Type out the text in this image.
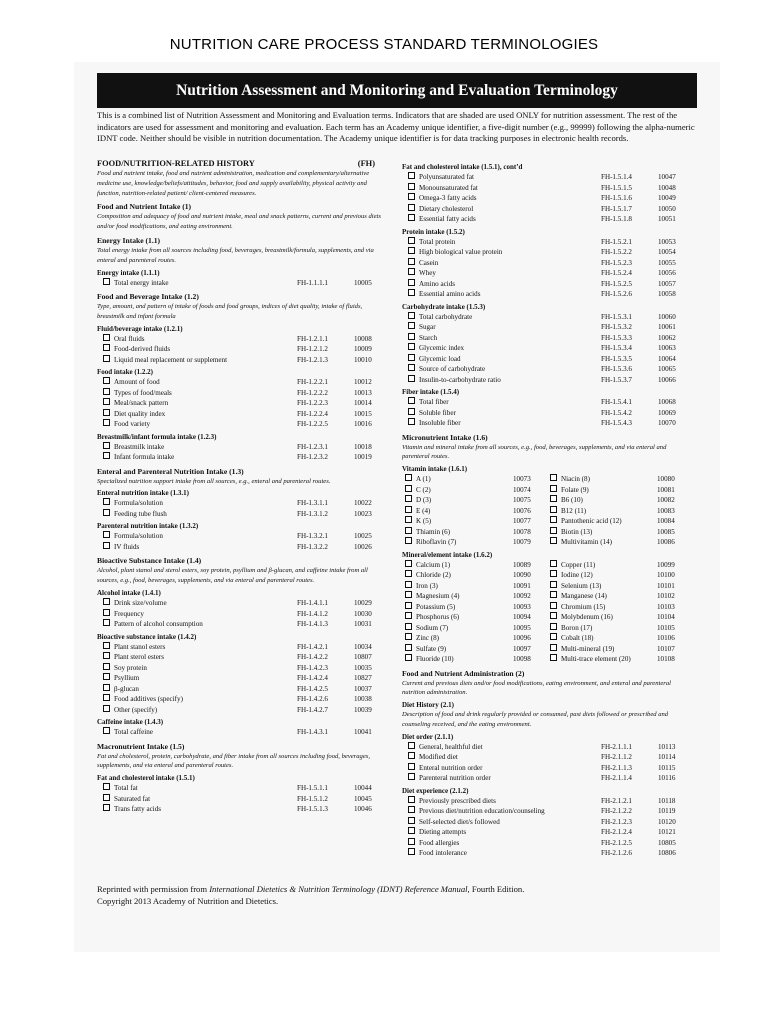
NUTRITION CARE PROCESS STANDARD TERMINOLOGIES
Nutrition Assessment and Monitoring and Evaluation Terminology
This is a combined list of Nutrition Assessment and Monitoring and Evaluation terms. Indicators that are shaded are used ONLY for nutrition assessment. The rest of the indicators are used for assessment and monitoring and evaluation. Each term has an Academy unique identifier, a five-digit number (e.g., 99999) following the alpha-numeric IDNT code. Neither should be visible in nutrition documentation. The Academy unique identifier is for data tracking purposes in electronic health records.
FOOD/NUTRITION-RELATED HISTORY	(FH)
Food and nutrient intake, food and nutrient administration, medication and complementary/alternative medicine use, knowledge/beliefs/attitudes, behavior, food and supply availability, physical activity and function, nutrition-related patient/ client-centered measures.
Food and Nutrient Intake (1)
Composition and adequacy of food and nutrient intake, meal and snack patterns, current and previous diets and/or food modifications, and eating environment.
Energy Intake (1.1)
Total energy intake from all sources including food, beverages, breastmilk/formula, supplements, and via enteral and parenteral routes.
Energy intake (1.1.1)
Total energy intake	FH-1.1.1.1	10005
Food and Beverage Intake (1.2)
Type, amount, and pattern of intake of foods and food groups, indices of diet quality, intake of fluids, breastmilk and infant formula
Fluid/beverage intake (1.2.1)
Oral fluids	FH-1.2.1.1	10008
Food-derived fluids	FH-1.2.1.2	10009
Liquid meal replacement or supplement	FH-1.2.1.3	10010
Food intake (1.2.2)
Amount of food	FH-1.2.2.1	10012
Types of food/meals	FH-1.2.2.2	10013
Meal/snack pattern	FH-1.2.2.3	10014
Diet quality index	FH-1.2.2.4	10015
Food variety	FH-1.2.2.5	10016
Breastmilk/infant formula intake (1.2.3)
Breastmilk intake	FH-1.2.3.1	10018
Infant formula intake	FH-1.2.3.2	10019
Enteral and Parenteral Nutrition Intake (1.3)
Specialized nutrition support intake from all sources, e.g., enteral and parenteral routes.
Enteral nutrition intake (1.3.1)
Formula/solution	FH-1.3.1.1	10022
Feeding tube flush	FH-1.3.1.2	10023
Parenteral nutrition intake (1.3.2)
Formula/solution	FH-1.3.2.1	10025
IV fluids	FH-1.3.2.2	10026
Bioactive Substance Intake (1.4)
Alcohol, plant stanol and sterol esters, soy protein, psyllium and β-glucan, and caffeine intake from all sources, e.g., food, beverages, supplements, and via enteral and parenteral routes.
Alcohol intake (1.4.1)
Drink size/volume	FH-1.4.1.1	10029
Frequency	FH-1.4.1.2	10030
Pattern of alcohol consumption	FH-1.4.1.3	10031
Bioactive substance intake (1.4.2)
Plant stanol esters	FH-1.4.2.1	10034
Plant sterol esters	FH-1.4.2.2	10807
Soy protein	FH-1.4.2.3	10035
Psyllium	FH-1.4.2.4	10827
β-glucan	FH-1.4.2.5	10037
Food additives (specify)	FH-1.4.2.6	10038
Other (specify)	FH-1.4.2.7	10039
Caffeine intake (1.4.3)
Total caffeine	FH-1.4.3.1	10041
Macronutrient Intake (1.5)
Fat and cholesterol, protein, carbohydrate, and fiber intake from all sources including food, beverages, supplements, and via enteral and parenteral routes.
Fat and cholesterol intake (1.5.1)
Total fat	FH-1.5.1.1	10044
Saturated fat	FH-1.5.1.2	10045
Trans fatty acids	FH-1.5.1.3	10046
Fat and cholesterol intake (1.5.1), cont’d
Polyunsaturated fat	FH-1.5.1.4	10047
Monounsaturated fat	FH-1.5.1.5	10048
Omega-3 fatty acids	FH-1.5.1.6	10049
Dietary cholesterol	FH-1.5.1.7	10050
Essential fatty acids	FH-1.5.1.8	10051
Protein intake (1.5.2)
Total protein	FH-1.5.2.1	10053
High biological value protein	FH-1.5.2.2	10054
Casein	FH-1.5.2.3	10055
Whey	FH-1.5.2.4	10056
Amino acids	FH-1.5.2.5	10057
Essential amino acids	FH-1.5.2.6	10058
Carbohydrate intake (1.5.3)
Total carbohydrate	FH-1.5.3.1	10060
Sugar	FH-1.5.3.2	10061
Starch	FH-1.5.3.3	10062
Glycemic index	FH-1.5.3.4	10063
Glycemic load	FH-1.5.3.5	10064
Source of carbohydrate	FH-1.5.3.6	10065
Insulin-to-carbohydrate ratio	FH-1.5.3.7	10066
Fiber intake (1.5.4)
Total fiber	FH-1.5.4.1	10068
Soluble fiber	FH-1.5.4.2	10069
Insoluble fiber	FH-1.5.4.3	10070
Micronutrient Intake (1.6)
Vitamin and mineral intake from all sources, e.g., food, beverages, supplements, and via enteral and parenteral routes.
Vitamin intake (1.6.1)
A (1)	10073	Niacin (8)	10080
C (2)	10074	Folate (9)	10081
D (3)	10075	B6 (10)	10082
E (4)	10076	B12 (11)	10083
K (5)	10077	Pantothenic acid (12)	10084
Thiamin (6)	10078	Biotin (13)	10085
Riboflavin (7)	10079	Multivitamin (14)	10086
Mineral/element intake (1.6.2)
Calcium (1)	10089	Copper (11)	10099
Chloride (2)	10090	Iodine (12)	10100
Iron (3)	10091	Selenium (13)	10101
Magnesium (4)	10092	Manganese (14)	10102
Potassium (5)	10093	Chromium (15)	10103
Phosphorus (6)	10094	Molybdenum (16)	10104
Sodium (7)	10095	Boron (17)	10105
Zinc (8)	10096	Cobalt (18)	10106
Sulfate (9)	10097	Multi-mineral (19)	10107
Fluoride (10)	10098	Multi-trace element (20)	10108
Food and Nutrient Administration (2)
Current and previous diets and/or food modifications, eating environment, and enteral and parenteral nutrition administration.
Diet History (2.1)
Description of food and drink regularly provided or consumed, past diets followed or prescribed and counseling received, and the eating environment.
Diet order (2.1.1)
General, healthful diet	FH-2.1.1.1	10113
Modified diet	FH-2.1.1.2	10114
Enteral nutrition order	FH-2.1.1.3	10115
Parenteral nutrition order	FH-2.1.1.4	10116
Diet experience (2.1.2)
Previously prescribed diets	FH-2.1.2.1	10118
Previous diet/nutrition education/counseling	FH-2.1.2.2	10119
Self-selected diet/s followed	FH-2.1.2.3	10120
Dieting attempts	FH-2.1.2.4	10121
Food allergies	FH-2.1.2.5	10805
Food intolerance	FH-2.1.2.6	10806
Reprinted with permission from International Dietetics & Nutrition Terminology (IDNT) Reference Manual, Fourth Edition.
Copyright 2013 Academy of Nutrition and Dietetics.
